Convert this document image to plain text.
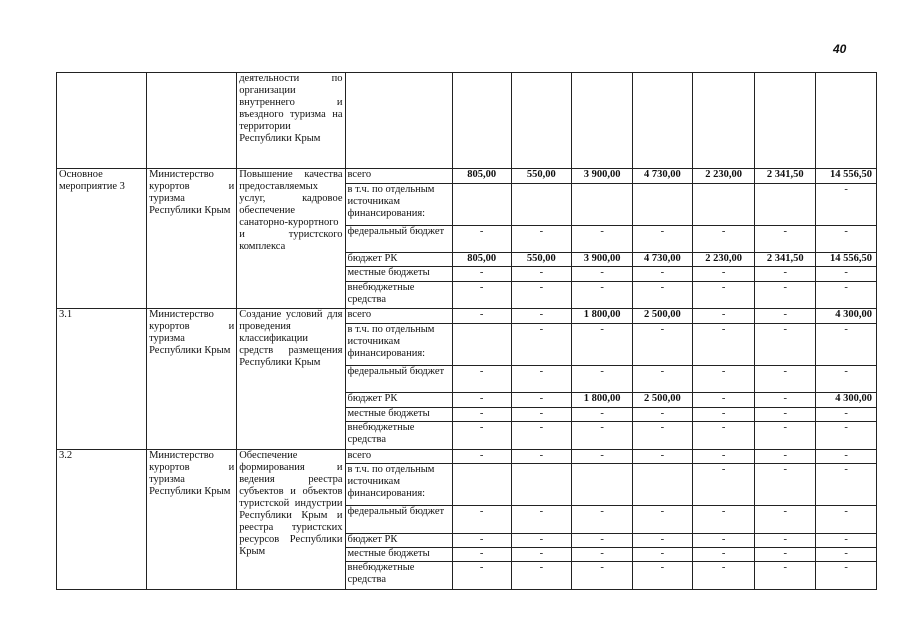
40
		деятельности по организации внутреннего и въездного туризма на территории Республики Крым								
Основное мероприятие 3	Министерство курортов и туризма Республики Крым	Повышение качества предоставляемых услуг, кадровое обеспечение санаторно-курортного и туристского комплекса	всего	805,00	550,00	3 900,00	4 730,00	2 230,00	2 341,50	14 556,50
			в т.ч. по отдельным источникам финансирования:							-
			федеральный бюджет	-	-	-	-	-	-	-
			бюджет РК	805,00	550,00	3 900,00	4 730,00	2 230,00	2 341,50	14 556,50
			местные бюджеты	-	-	-	-	-	-	-
			внебюджетные средства	-	-	-	-	-	-	-
3.1	Министерство курортов и туризма Республики Крым	Создание условий для проведения классификации средств размещения Республики Крым	всего	-	-	1 800,00	2 500,00	-	-	4 300,00
			в т.ч. по отдельным источникам финансирования:		-	-	-	-	-	-
			федеральный бюджет	-	-	-	-	-	-	-
			бюджет РК	-	-	1 800,00	2 500,00	-	-	4 300,00
			местные бюджеты	-	-	-	-	-	-	-
			внебюджетные средства	-	-	-	-	-	-	-
3.2	Министерство курортов и туризма Республики Крым	Обеспечение формирования и ведения реестра субъектов и объектов туристской индустрии Республики Крым и реестра туристских ресурсов Республики Крым	всего	-	-	-	-	-	-	-
			в т.ч. по отдельным источникам финансирования:					-	-	-
			федеральный бюджет	-	-	-	-	-	-	-
			бюджет РК	-	-	-	-	-	-	-
			местные бюджеты	-	-	-	-	-	-	-
			внебюджетные средства	-	-	-	-	-	-	-
